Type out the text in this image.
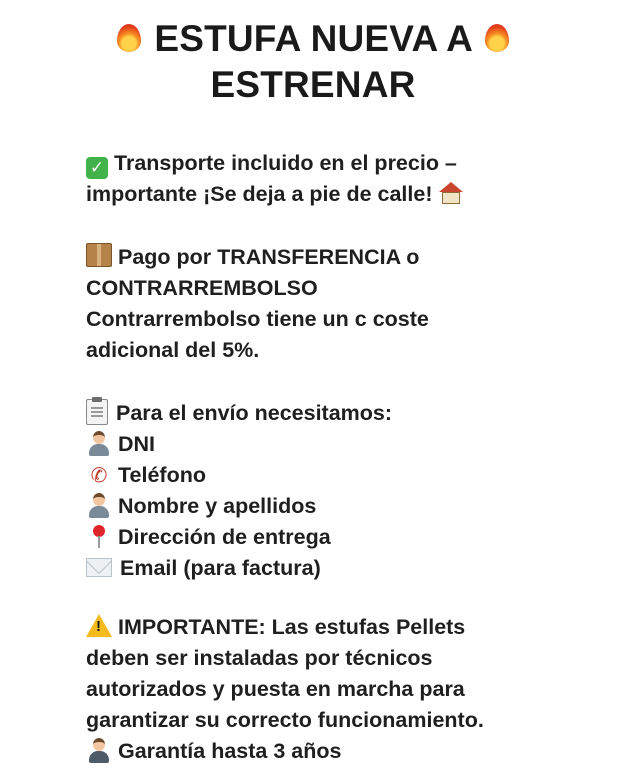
ESTUFA NUEVA A
ESTRENAR
✓ Transporte incluido en el precio –
importante ¡Se deja a pie de calle!
Pago por TRANSFERENCIA o
CONTRARREMBOLSO
Contrarrembolso tiene un c coste
adicional del 5%.
Para el envío necesitamos:
DNI
✆ Teléfono
Nombre y apellidos
Dirección de entrega
Email (para factura)
! IMPORTANTE: Las estufas Pellets
deben ser instaladas por técnicos
autorizados y puesta en marcha para
garantizar su correcto funcionamiento.
Garantía hasta 3 años
